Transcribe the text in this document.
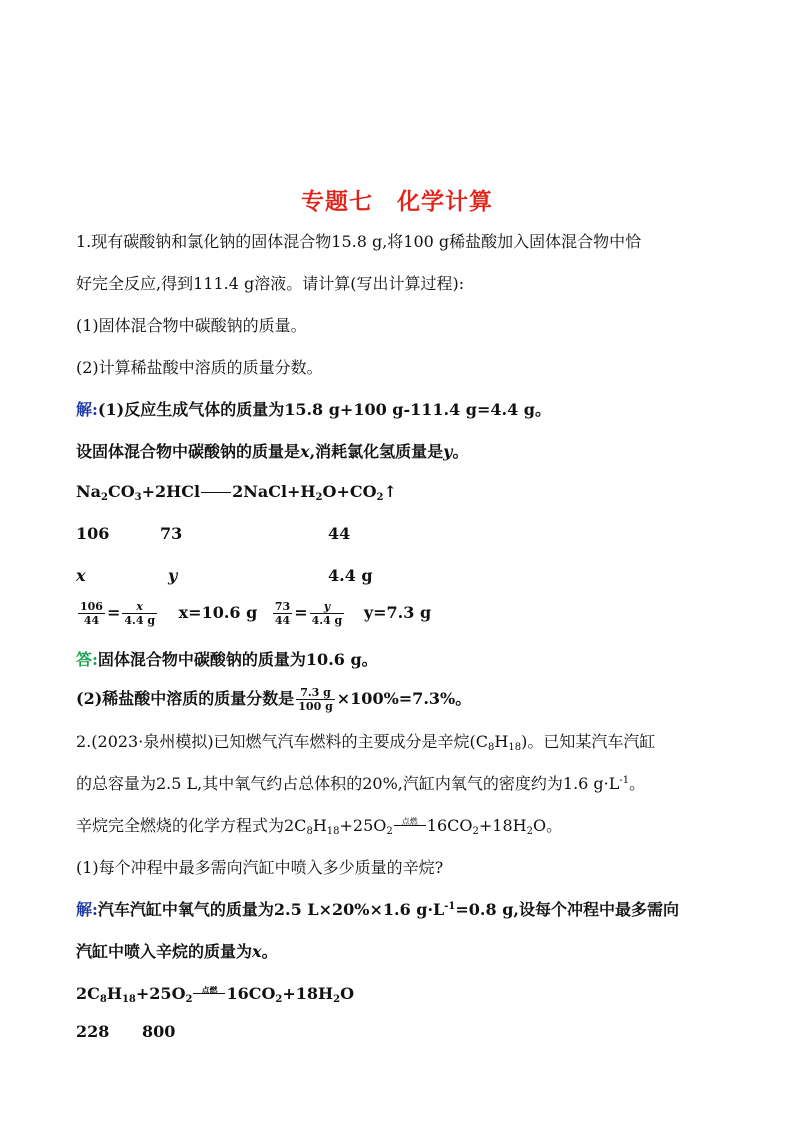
专题七　化学计算
1.现有碳酸钠和氯化钠的固体混合物15.8 g,将100 g稀盐酸加入固体混合物中恰
好完全反应,得到111.4 g溶液。请计算(写出计算过程):
(1)固体混合物中碳酸钠的质量。
(2)计算稀盐酸中溶质的质量分数。
解:(1)反应生成气体的质量为15.8 g+100 g-111.4 g=4.4 g。
设固体混合物中碳酸钠的质量是x,消耗氯化氢质量是y。
$Na_2CO_3+2HCl$ $2NaCl+H_2O+CO_2↑$
106	73	44
x	y	4.4 g
$\frac{106}{44} = \frac{x}{4.4 g} x=10.6$ g $\frac{73}{44} = \frac{y}{4.4 g} y=7.3$ g
答:固体混合物中碳酸钠的质量为10.6 g。
(2)稀盐酸中溶质的质量分数是 $\frac{7.3 g}{100 g} \times 100\%=7.3\%$。
2.(2023·泉州模拟)已知燃气汽车燃料的主要成分是辛烷$(C_8H_{18})$。已知某汽车汽缸
的总容量为2.5 L,其中氧气约占总体积的20%,汽缸内氧气的密度约为1.6 $g\cdot L^{-1}$。
辛烷完全燃烧的化学方程式为$2C_8H_{18}+25O_2$
点燃 $16CO_2+18H_2O$。
(1)每个冲程中最多需向汽缸中喷入多少质量的辛烷?
解:汽车汽缸中氧气的质量为2.5 L×20%×1.6 $g\cdot L^{-1}=0.8$ g,设每个冲程中最多需向
汽缸中喷入辛烷的质量为x。
$2C_8H_{18}+25O_2$
点燃 $16CO_2+18H_2O$
228 800
